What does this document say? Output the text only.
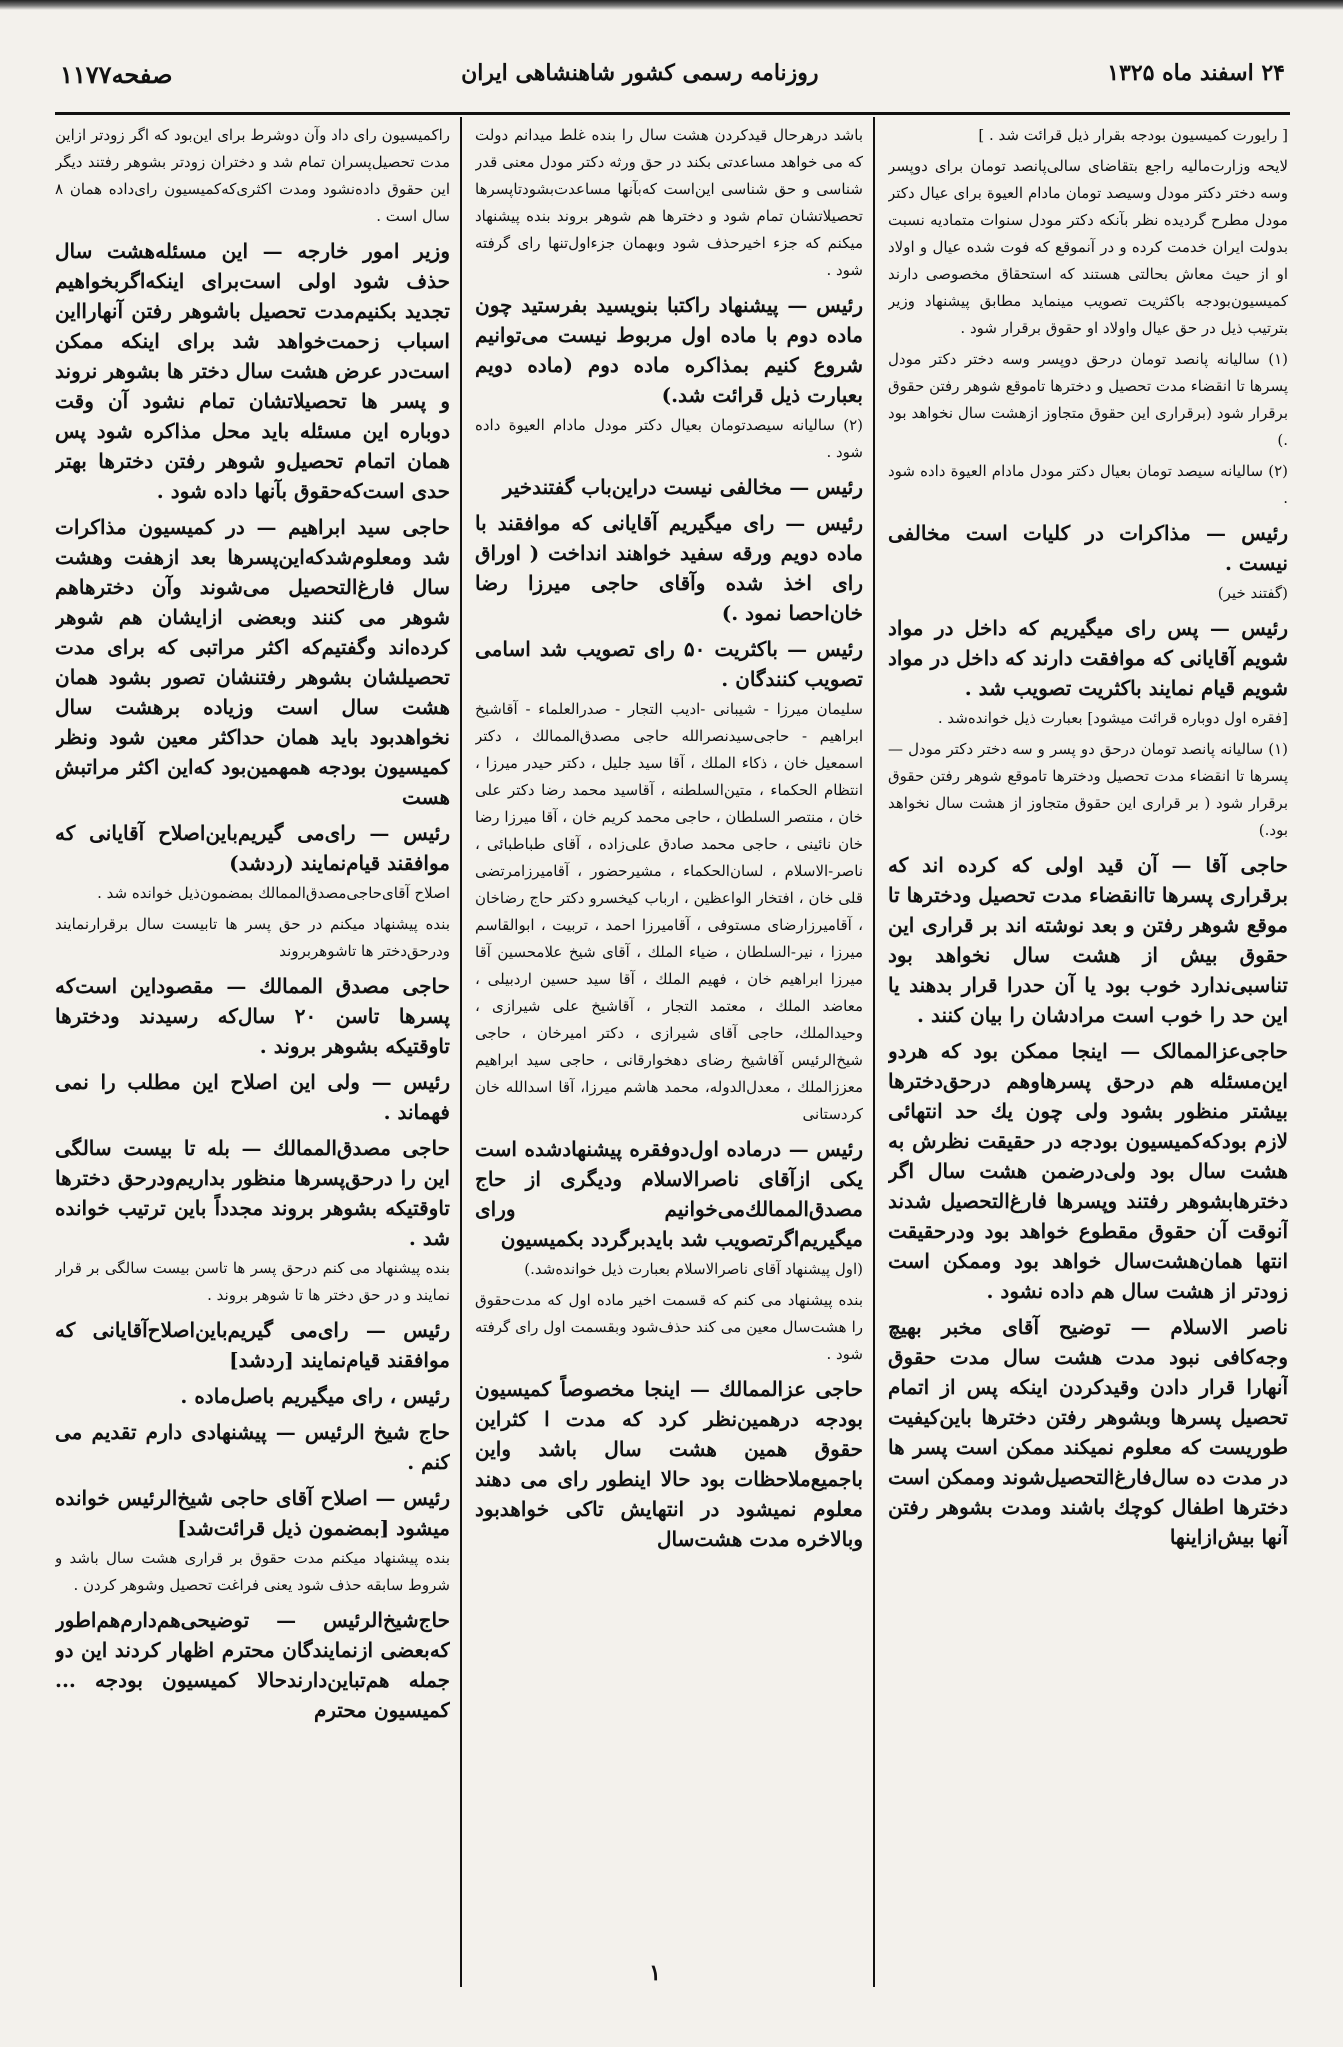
۲۴ اسفند ماه ۱۳۲۵
روزنامه رسمی کشور شاهنشاهی ایران
صفحه۱۱۷۷

[ رایورت کمیسیون بودجه بقرار ذیل قرائت شد . ]

لایحه وزارت‌مالیه راجع بتقاضای سالی‌پانصد تومان برای دوپسر وسه دختر دکتر مودل وسیصد تومان مادام العیوة برای عیال دکتر مودل مطرح گردیده نظر بآنکه دکتر مودل سنوات متمادیه نسبت بدولت ایران خدمت کرده و در آنموقع که فوت شده عیال و اولاد او از حیث معاش بحالتی هستند که استحقاق مخصوصی دارند کمیسیون‌بودجه باکثریت تصویب مینماید مطابق پیشنهاد وزیر بترتیب ذیل در حق عیال واولاد او حقوق برقرار شود .

(۱) سالیانه پانصد تومان درحق دوپسر وسه دختر دکتر مودل پسرها تا انقضاء مدت تحصیل و دخترها تاموقع شوهر رفتن حقوق برقرار شود (برقراری این حقوق متجاوز ازهشت سال نخواهد بود .)

(۲) سالیانه سیصد تومان بعیال دکتر مودل مادام العیوة داده شود .

رئیس — مذاکرات در کلیات است مخالفی نیست .

(گفتند خیر)

رئیس — پس رای میگیریم که داخل در مواد شویم آقایانی که موافقت دارند که داخل در مواد شویم قیام نمایند باکثریت تصویب شد .

[فقره اول دوباره قرائت میشود] بعبارت ذیل خوانده‌شد .

(۱) سالیانه پانصد تومان درحق دو پسر و سه دختر دکتر مودل — پسرها تا انقضاء مدت تحصیل ودخترها تاموقع شوهر رفتن حقوق برقرار شود ( بر قراری این حقوق متجاوز از هشت سال نخواهد بود.)

حاجی آقا — آن قید اولی که کرده اند که برقراری پسرها تاانقضاء مدت تحصیل ودخترها تا موقع شوهر رفتن و بعد نوشته اند بر قراری این حقوق بیش از هشت سال نخواهد بود تناسبی‌ندارد خوب بود یا آن حدرا قرار بدهند یا این حد را خوب است مرادشان را بیان کنند .
حاجی‌عزالممالک — اینجا ممکن بود که هردو این‌مسئله هم درحق پسرها‌وهم درحق‌دخترها بیشتر منظور بشود ولی چون یك حد انتهائی لازم بودکه‌کمیسیون بودجه در حقیقت نظرش به هشت سال بود ولی‌درضمن هشت سال اگر دخترهابشوهر رفتند وپسرها فارغ‌التحصیل شدند آنوقت آن حقوق مقطوع خواهد بود ودرحقیقت انتها همان‌هشت‌سال خواهد بود وممکن است زودتر از هشت سال هم داده نشود .
ناصر الاسلام — توضیح آقای مخبر بهیچ وجه‌کافی نبود مدت هشت سال مدت حقوق آنهارا قرار دادن وقید‌کردن اینکه پس از اتمام تحصیل پسرها وبشوهر رفتن دخترها باین‌کیفیت طوریست که معلوم نمیکند ممکن است پسر ها در مدت ده سال‌فارغ‌التحصیل‌شوند وممکن است دخترها اطفال کوچك باشند ومدت بشوهر رفتن آنها بیش‌ازاینها

باشد درهرحال قید‌کردن هشت سال را بنده غلط میدانم دولت که می خواهد مساعدتی بکند در حق ورثه دکتر مودل معنی قدر شناسی و حق شناسی این‌است که‌بآنها مساعدت‌بشودتاپسرها تحصیلاتشان تمام شود و دخترها هم شوهر بروند بنده پیشنهاد میکنم که جزء اخیرحذف شود وبهمان جزءاول‌تنها رای گرفته شود .

رئیس — پیشنهاد راکتبا بنویسید بفرستید چون ماده دوم با ماده اول مربوط نیست می‌توانیم شروع کنیم بمذاکره ماده دوم (ماده دویم بعبارت ذیل قرائت شد.)

(۲) سالیانه سیصدتومان بعیال دکتر مودل مادام العیوة داده شود .

رئیس — مخالفی نیست دراین‌باب گفتندخیر
رئیس — رای میگیریم آقایانی که موافقند با ماده دویم ورقه سفید خواهند انداخت ( اوراق رای اخذ شده وآقای حاجی میرزا رضا خان‌احصا نمود .)
رئیس — باکثریت ۵۰ رای تصویب شد اسامی تصویب کنندگان .

سلیمان میرزا - شیبانی -ادیب التجار - صدرالعلماء - آقاشیخ ابراهیم - حاجی‌سیدنصرالله حاجی مصدق‌الممالك ، دکتر اسمعیل خان ، ذکاء الملك ، آقا سید جلیل ، دکتر حیدر میرزا ، انتظام الحکماء ، متین‌السلطنه ، آقاسید محمد رضا دکتر علی خان ، منتصر السلطان ، حاجی محمد کریم خان ، آقا میرزا رضا خان نائینی ، حاجی محمد صادق علی‌زاده ، آقای طباطبائی ، ناصر-الاسلام ، لسان‌الحکماء ، مشیرحضور ، آقامیرزامرتضی قلی خان ، افتخار الواعظین ، ارباب کیخسرو دکتر حاج رضاخان ، آقامیرزارضای مستوفی ، آقامیرزا احمد ، تربیت ، ابوالقاسم میرزا ، نیر-السلطان ، ضیاء الملك ، آقای شیخ علامحسین آقا میرزا ابراهیم خان ، فهیم الملك ، آقا سید حسین اردبیلی ، معاضد الملك ، معتمد التجار ، آقاشیخ علی شیرازی ، وحیدالملك، حاجی آقای شیرازی ، دکتر امیرخان ، حاجی شیخ‌الرئیس آقاشیخ رضای دهخوارقانی ، حاجی سید ابراهیم معززالملك ، معدل‌الدوله، محمد هاشم میرزا، آقا اسدالله خان کردستانی

رئیس — درماده اول‌دوفقره پیشنهادشده است یکی ازآقای ناصرالاسلام ودیگری از حاج مصدق‌الممالك‌می‌خوانیم ورای میگیریم‌اگرتصویب شد بایدبرگردد بکمیسیون

(اول پیشنهاد آقای ناصرالاسلام بعبارت ذیل خوانده‌شد.)

بنده پیشنهاد می کنم که قسمت اخیر ماده اول که مدت‌حقوق را هشت‌سال معین می کند حذف‌شود وبقسمت اول رای گرفته شود .

حاجی عزالممالك — اینجا مخصوصاً کمیسیون بودجه درهمین‌نظر کرد که مدت ا کثراین حقوق همین هشت سال باشد واین باجمیع‌ملاحظات بود حالا اینطور رای می دهند معلوم نمیشود در انتهایش تاکی خواهدبود وبالاخره مدت هشت‌سال

راکمیسیون رای داد وآن دوشرط برای این‌بود که اگر زودتر ازاین مدت تحصیل‌پسران تمام شد و دختران زودتر بشوهر رفتند دیگر این حقوق داده‌نشود ومدت اکثری‌که‌کمیسیون رای‌داده همان ۸ سال است .

وزیر امور خارجه — این مسئله‌هشت سال حذف شود اولی است‌برای اینکه‌اگربخواهیم تجدید بکنیم‌مدت تحصیل باشوهر رفتن آنهارااین اسباب زحمت‌خواهد شد برای اینکه ممکن است‌در عرض هشت سال دختر ها بشوهر نروند و پسر ها تحصیلاتشان تمام نشود آن وقت دوباره این مسئله باید محل مذاکره شود پس همان اتمام تحصیل‌و شوهر رفتن دخترها بهتر حدی است‌که‌حقوق بآنها داده شود .
حاجی سید ابراهیم — در کمیسیون مذاکرات شد ومعلوم‌شد‌که‌این‌پسرها بعد ازهفت وهشت سال فارغ‌التحصیل می‌شوند وآن دخترهاهم شوهر می کنند وبعضی ازایشان هم شوهر کرده‌اند وگفتیم‌که اکثر مراتبی که برای مدت تحصیلشان بشوهر رفتنشان تصور بشود همان هشت سال است وزیاده برهشت سال نخواهدبود باید همان حداکثر معین شود ونظر کمیسیون بودجه همهمین‌بود که‌این اکثر مراتبش هست
رئیس — رای‌می گیریم‌باین‌اصلاح آقایانی که موافقند قیام‌نمایند (ردشد)

اصلاح آقای‌حاجی‌مصدق‌الممالك بمضمون‌ذیل خوانده شد .

بنده پیشنهاد میکنم در حق پسر ها تابیست سال برقرارنمایند ودرحق‌دختر ها تاشوهربروند

حاجی مصدق الممالك — مقصوداین است‌که پسرها تاسن ۲۰ سال‌که رسیدند ودخترها تاوقتیکه بشوهر بروند .
رئیس — ولی این اصلاح این مطلب را نمی فهماند .
حاجی مصدق‌الممالك — بله تا بیست سالگی این را درحق‌پسرها منظور بداریم‌ودرحق دخترها تاوقتیکه بشوهر بروند مجدداً باین ترتیب خوانده شد .

بنده پیشنهاد می کنم درحق پسر ها تاسن بیست سالگی بر قرار نمایند و در حق دختر ها تا شوهر بروند .

رئیس — رای‌می گیریم‌باین‌اصلاح‌آقایانی که موافقند قیام‌نمایند [ردشد]
رئیس ، رای میگیریم باصل‌ماده .
حاج شیخ الرئیس — پیشنهادی دارم تقدیم می کنم .
رئیس — اصلاح آقای حاجی شیخ‌الرئیس خوانده میشود [بمضمون ذیل قرائت‌شد]

بنده پیشنهاد میکنم مدت حقوق بر قراری هشت سال باشد و شروط سابقه حذف شود یعنی فراغت تحصیل وشوهر کردن .

حاج‌شیخ‌الرئیس‌ — توضیحی‌هم‌دارم‌هم‌اطور که‌بعضی ازنمایندگان محترم اظهار کردند این دو جمله هم‌تباین‌دارندحالا کمیسیون بودجه ... کمیسیون محترم
۱
